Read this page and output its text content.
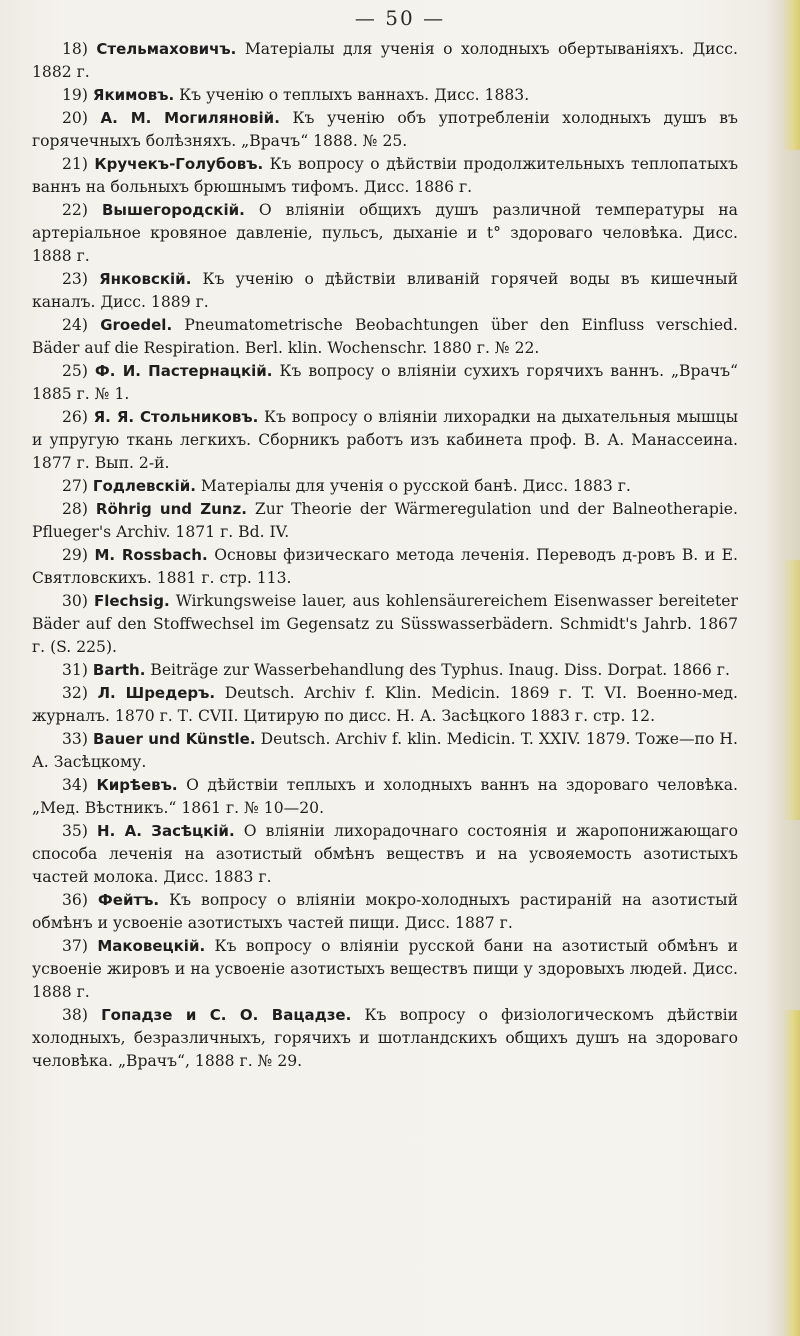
— 50 —

18) Стельмаховичъ. Матеріалы для ученія о холодныхъ обертываніяхъ. Дисс. 1882 г.

19) Якимовъ. Къ ученію о теплыхъ ваннахъ. Дисс. 1883.

20) А. М. Могиляновій. Къ ученію объ употребленіи холодныхъ душъ въ горячечныхъ болѣзняхъ. „Врачъ“ 1888. № 25.

21) Кручекъ-Голубовъ. Къ вопросу о дѣйствіи продолжительныхъ теплопатыхъ ваннъ на больныхъ брюшнымъ тифомъ. Дисс. 1886 г.

22) Вышегородскій. О вліяніи общихъ душъ различной температуры на артеріальное кровяное давленіе, пульсъ, дыханіе и t° здороваго человѣка. Дисс. 1888 г.

23) Янковскій. Къ ученію о дѣйствіи вливаній горячей воды въ кишечный каналъ. Дисс. 1889 г.

24) Groedel. Pneumatometrische Beobachtungen über den Einfluss verschied. Bäder auf die Respiration. Berl. klin. Wochenschr. 1880 г. № 22.

25) Ф. И. Пастернацкій. Къ вопросу о вліяніи сухихъ горячихъ ваннъ. „Врачъ“ 1885 г. № 1.

26) Я. Я. Стольниковъ. Къ вопросу о вліяніи лихорадки на дыхательныя мышцы и упругую ткань легкихъ. Сборникъ работъ изъ кабинета проф. В. А. Манассеина. 1877 г. Вып. 2-й.

27) Годлевскій. Матеріалы для ученія о русской банѣ. Дисс. 1883 г.

28) Röhrig und Zunz. Zur Theorie der Wärmeregulation und der Balneotherapie. Pflueger's Archiv. 1871 г. Bd. IV.

29) М. Rossbach. Основы физическаго метода леченія. Переводъ д-ровъ В. и Е. Святловскихъ. 1881 г. стр. 113.

30) Flechsig. Wirkungsweise lauer, aus kohlensäurereichem Eisenwasser bereiteter Bäder auf den Stoffwechsel im Gegensatz zu Süsswasserbädern. Schmidt's Jahrb. 1867 г. (S. 225).

31) Barth. Beiträge zur Wasserbehandlung des Typhus. Inaug. Diss. Dorpat. 1866 г.

32) Л. Шредеръ. Deutsch. Archiv f. Klin. Medicin. 1869 г. T. VI. Военно-мед. журналъ. 1870 г. Т. CVII. Цитирую по дисс. Н. А. Засѣцкого 1883 г. стр. 12.

33) Bauer und Künstle. Deutsch. Archiv f. klin. Medicin. T. XXIV. 1879. Тоже—по Н. А. Засѣцкому.

34) Кирѣевъ. О дѣйствіи теплыхъ и холодныхъ ваннъ на здороваго человѣка. „Мед. Вѣстникъ.“ 1861 г. № 10—20.

35) Н. А. Засѣцкій. О вліяніи лихорадочнаго состоянія и жаропонижающаго способа леченія на азотистый обмѣнъ веществъ и на усвояемость азотистыхъ частей молока. Дисс. 1883 г.

36) Фейтъ. Къ вопросу о вліяніи мокро-холодныхъ растираній на азотистый обмѣнъ и усвоеніе азотистыхъ частей пищи. Дисс. 1887 г.

37) Маковецкій. Къ вопросу о вліяніи русской бани на азотистый обмѣнъ и усвоеніе жировъ и на усвоеніе азотистыхъ веществъ пищи у здоровыхъ людей. Дисс. 1888 г.

38) Гопадзе и С. О. Вацадзе. Къ вопросу о физіологическомъ дѣйствіи холодныхъ, безразличныхъ, горячихъ и шотландскихъ общихъ душъ на здороваго человѣка. „Врачъ“, 1888 г. № 29.
